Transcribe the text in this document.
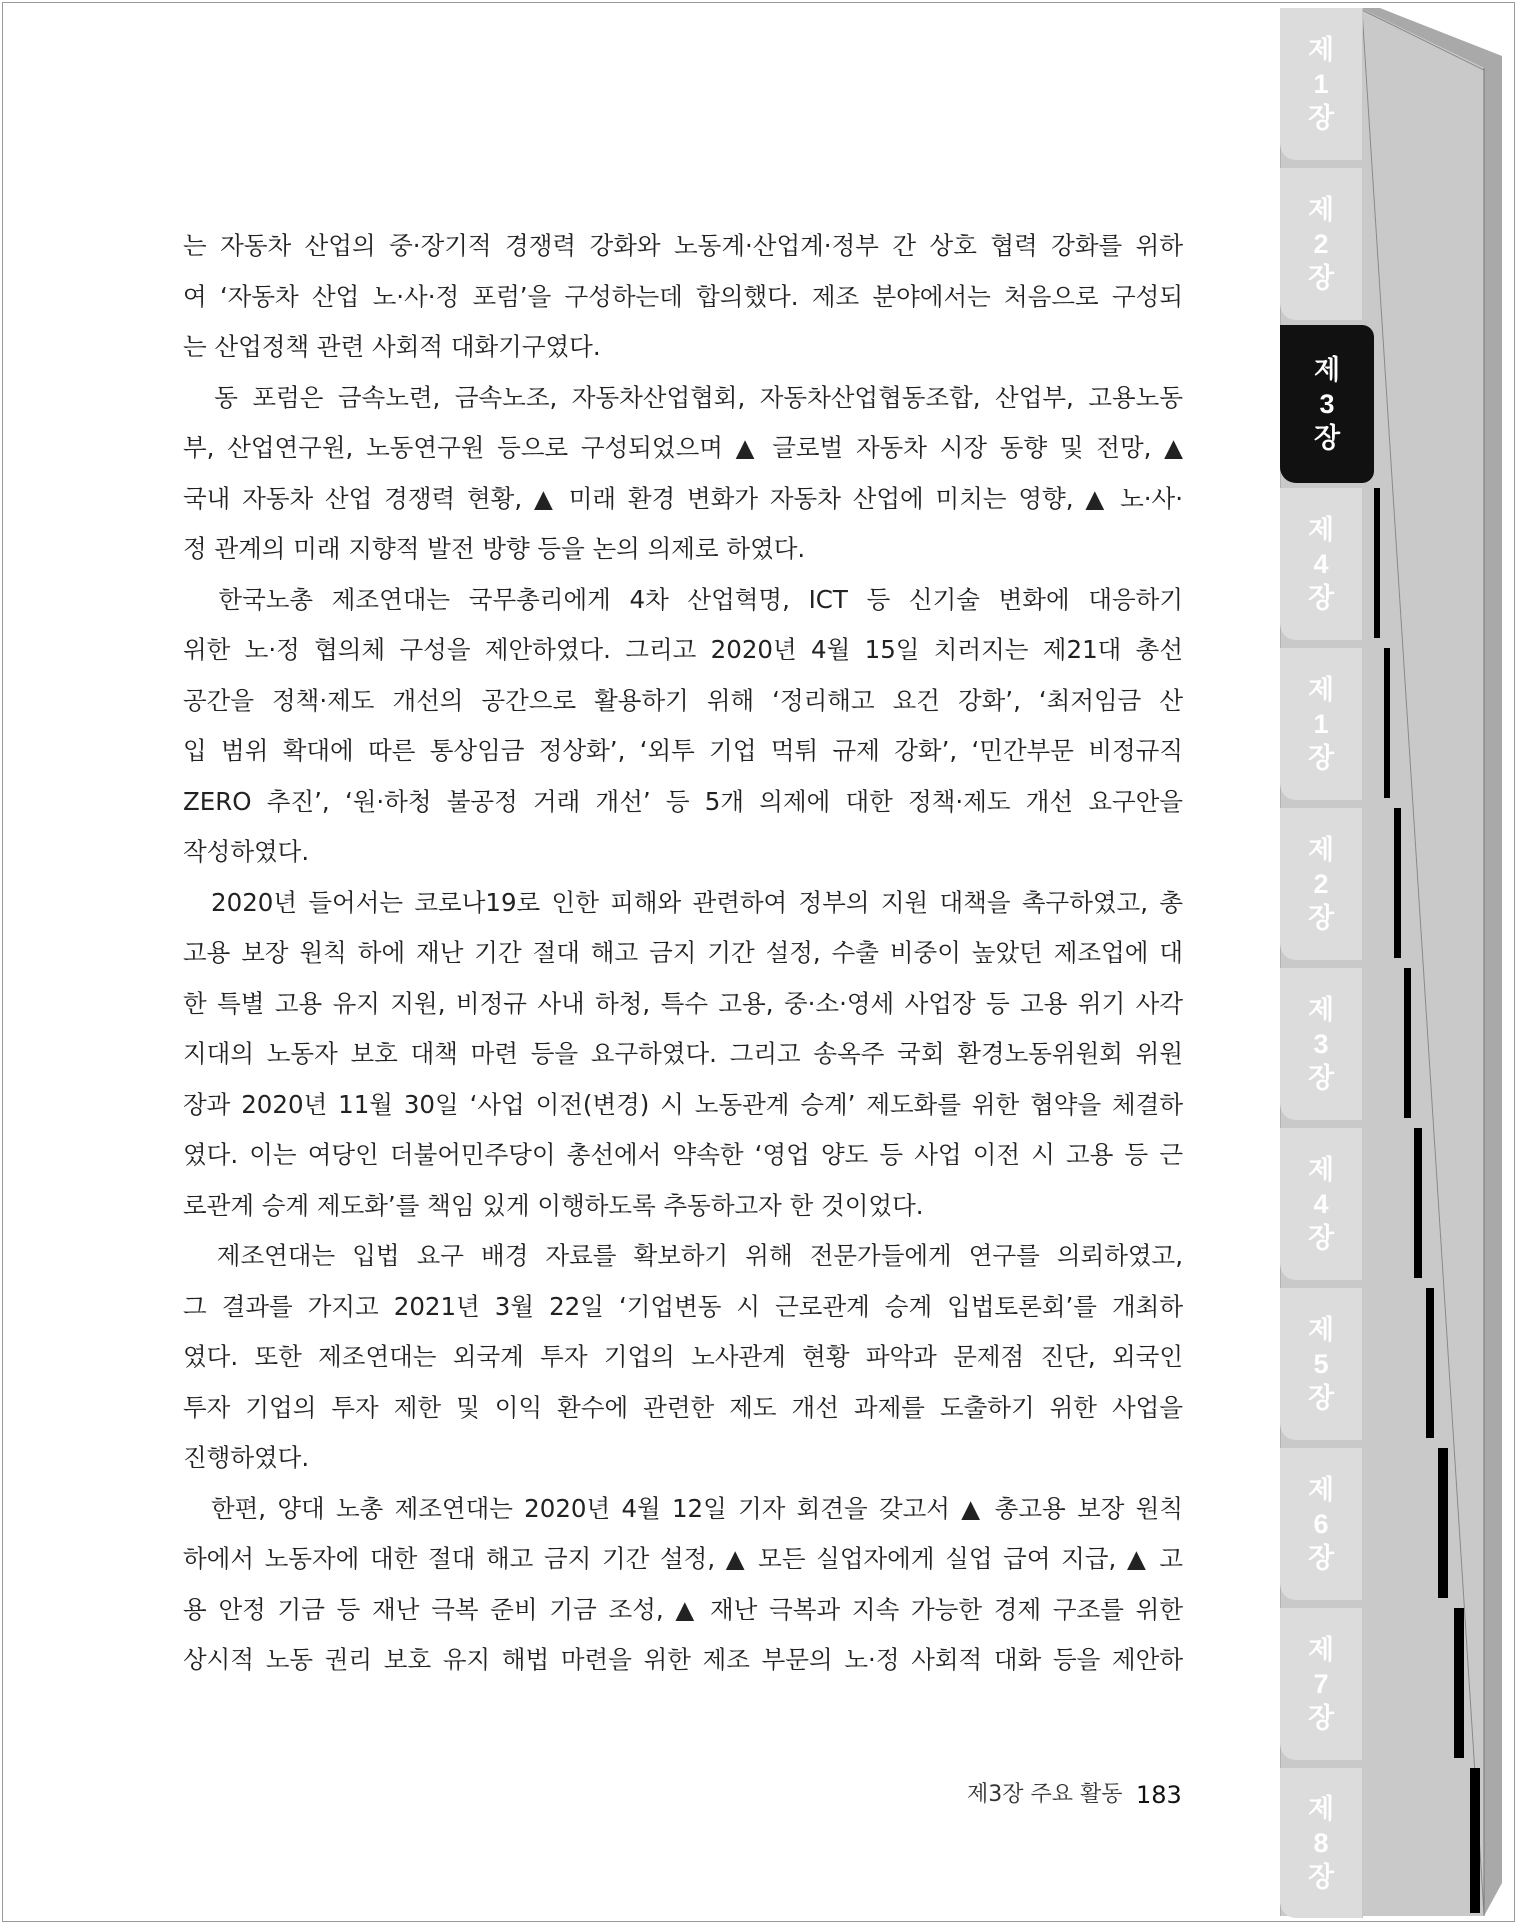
는 자동차 산업의 중·장기적 경쟁력 강화와 노동계·산업계·정부 간 상호 협력 강화를 위하
여 ‘자동차 산업 노·사·정 포럼’을 구성하는데 합의했다. 제조 분야에서는 처음으로 구성되
는 산업정책 관련 사회적 대화기구였다.
　동 포럼은 금속노련, 금속노조, 자동차산업협회, 자동차산업협동조합, 산업부, 고용노동
부, 산업연구원, 노동연구원 등으로 구성되었으며 ▲ 글로벌 자동차 시장 동향 및 전망, ▲
국내 자동차 산업 경쟁력 현황, ▲ 미래 환경 변화가 자동차 산업에 미치는 영향, ▲ 노·사·
정 관계의 미래 지향적 발전 방향 등을 논의 의제로 하였다.
　한국노총 제조연대는 국무총리에게 4차 산업혁명, ICT 등 신기술 변화에 대응하기
위한 노·정 협의체 구성을 제안하였다. 그리고 2020년 4월 15일 치러지는 제21대 총선
공간을 정책·제도 개선의 공간으로 활용하기 위해 ‘정리해고 요건 강화’, ‘최저임금 산
입 범위 확대에 따른 통상임금 정상화’, ‘외투 기업 먹튀 규제 강화’, ‘민간부문 비정규직
ZERO 추진’, ‘원·하청 불공정 거래 개선’ 등 5개 의제에 대한 정책·제도 개선 요구안을
작성하였다.
　2020년 들어서는 코로나19로 인한 피해와 관련하여 정부의 지원 대책을 촉구하였고, 총
고용 보장 원칙 하에 재난 기간 절대 해고 금지 기간 설정, 수출 비중이 높았던 제조업에 대
한 특별 고용 유지 지원, 비정규 사내 하청, 특수 고용, 중·소·영세 사업장 등 고용 위기 사각
지대의 노동자 보호 대책 마련 등을 요구하였다. 그리고 송옥주 국회 환경노동위원회 위원
장과 2020년 11월 30일 ‘사업 이전(변경) 시 노동관계 승계’ 제도화를 위한 협약을 체결하
였다. 이는 여당인 더불어민주당이 총선에서 약속한 ‘영업 양도 등 사업 이전 시 고용 등 근
로관계 승계 제도화’를 책임 있게 이행하도록 추동하고자 한 것이었다.
　제조연대는 입법 요구 배경 자료를 확보하기 위해 전문가들에게 연구를 의뢰하였고,
그 결과를 가지고 2021년 3월 22일 ‘기업변동 시 근로관계 승계 입법토론회’를 개최하
였다. 또한 제조연대는 외국계 투자 기업의 노사관계 현황 파악과 문제점 진단, 외국인
투자 기업의 투자 제한 및 이익 환수에 관련한 제도 개선 과제를 도출하기 위한 사업을
진행하였다.
　한편, 양대 노총 제조연대는 2020년 4월 12일 기자 회견을 갖고서 ▲ 총고용 보장 원칙
하에서 노동자에 대한 절대 해고 금지 기간 설정, ▲ 모든 실업자에게 실업 급여 지급, ▲ 고
용 안정 기금 등 재난 극복 준비 기금 조성, ▲ 재난 극복과 지속 가능한 경제 구조를 위한
상시적 노동 권리 보호 유지 해법 마련을 위한 제조 부문의 노·정 사회적 대화 등을 제안하
제3장 주요 활동 183
제
1
장
제
2
장
제
3
장
제
4
장
제
1
장
제
2
장
제
3
장
제
4
장
제
5
장
제
6
장
제
7
장
제
8
장
